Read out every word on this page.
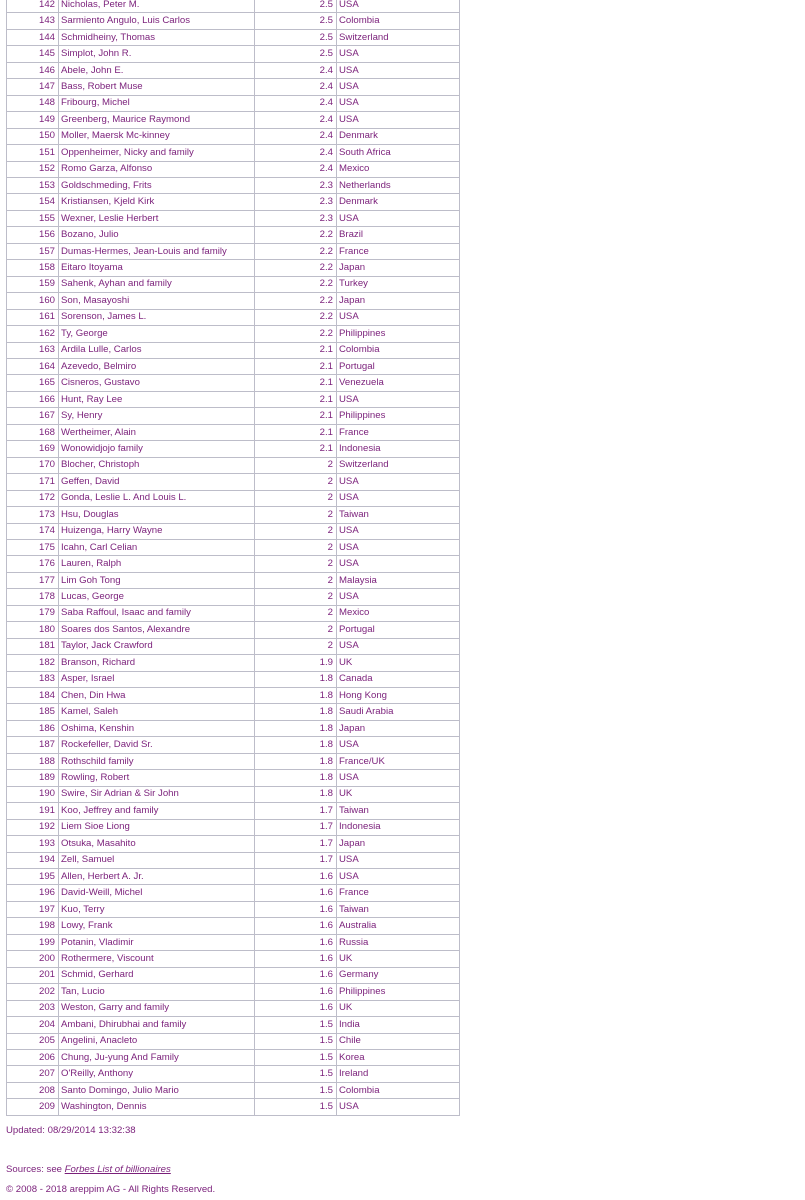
142	Nicholas, Peter M.	2.5	USA
143	Sarmiento Angulo, Luis Carlos	2.5	Colombia
144	Schmidheiny, Thomas	2.5	Switzerland
145	Simplot, John R.	2.5	USA
146	Abele, John E.	2.4	USA
147	Bass, Robert Muse	2.4	USA
148	Fribourg, Michel	2.4	USA
149	Greenberg, Maurice Raymond	2.4	USA
150	Moller, Maersk Mc-kinney	2.4	Denmark
151	Oppenheimer, Nicky and family	2.4	South Africa
152	Romo Garza, Alfonso	2.4	Mexico
153	Goldschmeding, Frits	2.3	Netherlands
154	Kristiansen, Kjeld Kirk	2.3	Denmark
155	Wexner, Leslie Herbert	2.3	USA
156	Bozano, Julio	2.2	Brazil
157	Dumas-Hermes, Jean-Louis and family	2.2	France
158	Eitaro Itoyama	2.2	Japan
159	Sahenk, Ayhan and family	2.2	Turkey
160	Son, Masayoshi	2.2	Japan
161	Sorenson, James L.	2.2	USA
162	Ty, George	2.2	Philippines
163	Ardila Lulle, Carlos	2.1	Colombia
164	Azevedo, Belmiro	2.1	Portugal
165	Cisneros, Gustavo	2.1	Venezuela
166	Hunt, Ray Lee	2.1	USA
167	Sy, Henry	2.1	Philippines
168	Wertheimer, Alain	2.1	France
169	Wonowidjojo family	2.1	Indonesia
170	Blocher, Christoph	2	Switzerland
171	Geffen, David	2	USA
172	Gonda, Leslie L. And Louis L.	2	USA
173	Hsu, Douglas	2	Taiwan
174	Huizenga, Harry Wayne	2	USA
175	Icahn, Carl Celian	2	USA
176	Lauren, Ralph	2	USA
177	Lim Goh Tong	2	Malaysia
178	Lucas, George	2	USA
179	Saba Raffoul, Isaac and family	2	Mexico
180	Soares dos Santos, Alexandre	2	Portugal
181	Taylor, Jack Crawford	2	USA
182	Branson, Richard	1.9	UK
183	Asper, Israel	1.8	Canada
184	Chen, Din Hwa	1.8	Hong Kong
185	Kamel, Saleh	1.8	Saudi Arabia
186	Oshima, Kenshin	1.8	Japan
187	Rockefeller, David Sr.	1.8	USA
188	Rothschild family	1.8	France/UK
189	Rowling, Robert	1.8	USA
190	Swire, Sir Adrian & Sir John	1.8	UK
191	Koo, Jeffrey and family	1.7	Taiwan
192	Liem Sioe Liong	1.7	Indonesia
193	Otsuka, Masahito	1.7	Japan
194	Zell, Samuel	1.7	USA
195	Allen, Herbert A. Jr.	1.6	USA
196	David-Weill, Michel	1.6	France
197	Kuo, Terry	1.6	Taiwan
198	Lowy, Frank	1.6	Australia
199	Potanin, Vladimir	1.6	Russia
200	Rothermere, Viscount	1.6	UK
201	Schmid, Gerhard	1.6	Germany
202	Tan, Lucio	1.6	Philippines
203	Weston, Garry and family	1.6	UK
204	Ambani, Dhirubhai and family	1.5	India
205	Angelini, Anacleto	1.5	Chile
206	Chung, Ju-yung And Family	1.5	Korea
207	O'Reilly, Anthony	1.5	Ireland
208	Santo Domingo, Julio Mario	1.5	Colombia
209	Washington, Dennis	1.5	USA
Updated: 08/29/2014 13:32:38
Sources: see Forbes List of billionaires
© 2008 - 2018 areppim AG - All Rights Reserved.
